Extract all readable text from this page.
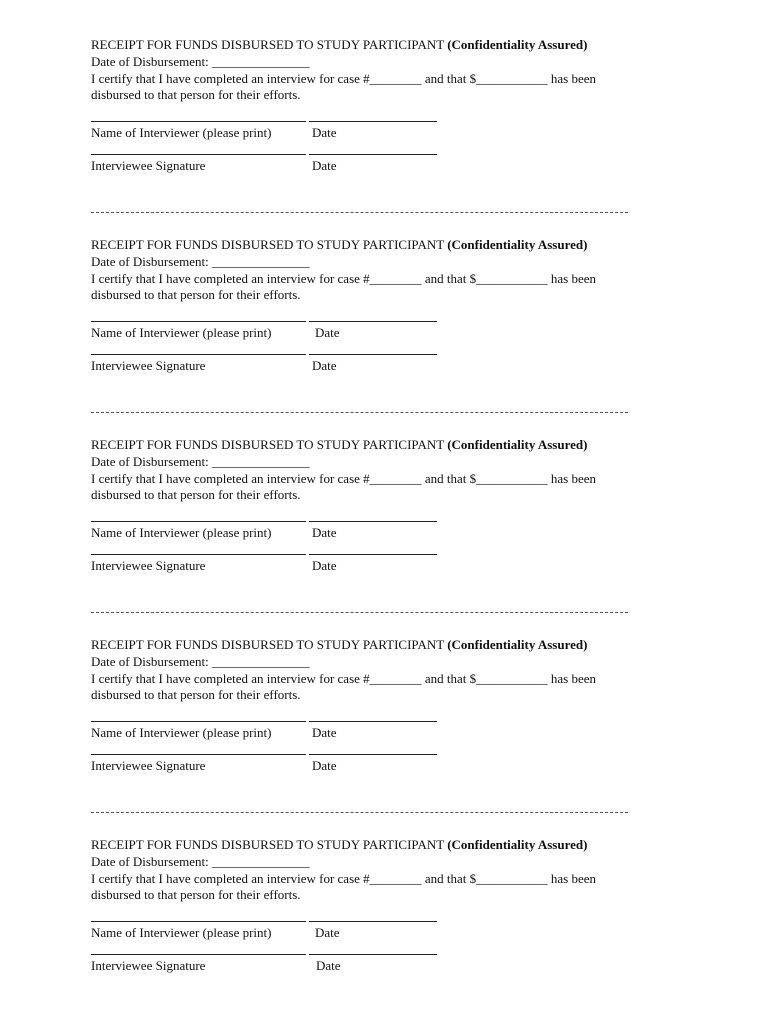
RECEIPT FOR FUNDS DISBURSED TO STUDY PARTICIPANT (Confidentiality Assured)
Date of Disbursement: _______________
I certify that I have completed an interview for case #________ and that $___________ has been
disbursed to that person for their efforts.
Name of Interviewer (please print)	Date
Interviewee Signature	Date
RECEIPT FOR FUNDS DISBURSED TO STUDY PARTICIPANT (Confidentiality Assured)
Date of Disbursement: _______________
I certify that I have completed an interview for case #________ and that $___________ has been
disbursed to that person for their efforts.
Name of Interviewer (please print)	Date
Interviewee Signature	Date
RECEIPT FOR FUNDS DISBURSED TO STUDY PARTICIPANT (Confidentiality Assured)
Date of Disbursement: _______________
I certify that I have completed an interview for case #________ and that $___________ has been
disbursed to that person for their efforts.
Name of Interviewer (please print)	Date
Interviewee Signature	Date
RECEIPT FOR FUNDS DISBURSED TO STUDY PARTICIPANT (Confidentiality Assured)
Date of Disbursement: _______________
I certify that I have completed an interview for case #________ and that $___________ has been
disbursed to that person for their efforts.
Name of Interviewer (please print)	Date
Interviewee Signature	Date
RECEIPT FOR FUNDS DISBURSED TO STUDY PARTICIPANT (Confidentiality Assured)
Date of Disbursement: _______________
I certify that I have completed an interview for case #________ and that $___________ has been
disbursed to that person for their efforts.
Name of Interviewer (please print)	Date
Interviewee Signature	Date
